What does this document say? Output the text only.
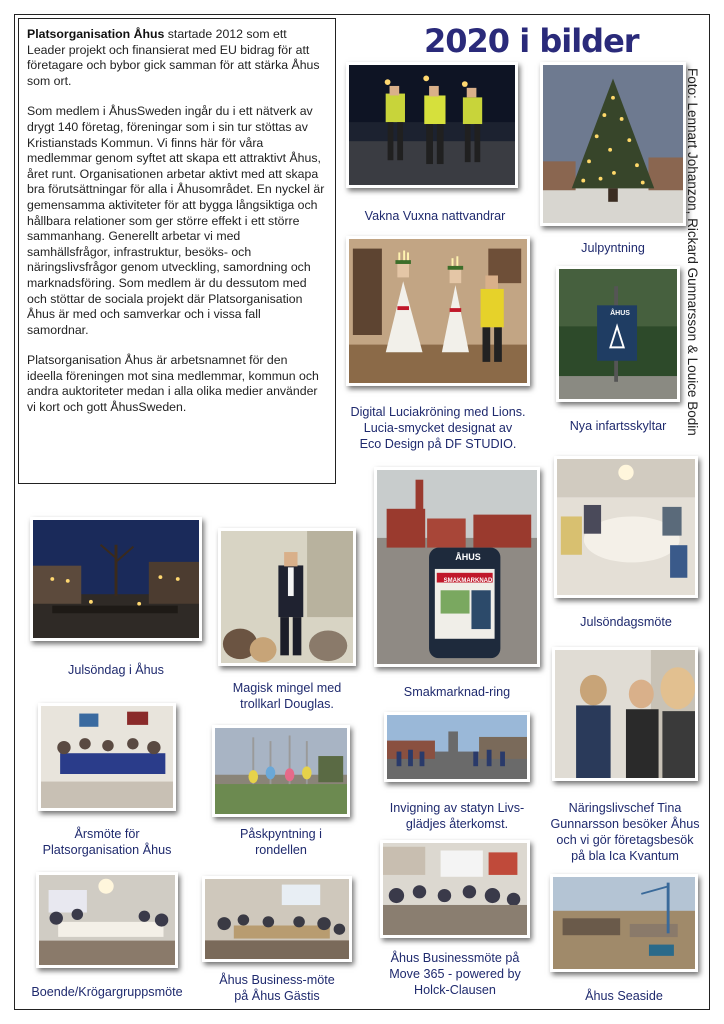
Platsorganisation Åhus startade 2012 som ett Leader projekt och finansierat med EU bidrag för att företagare och bybor gick samman för att stärka Åhus som ort.

Som medlem i ÅhusSweden ingår du i ett nätverk av drygt 140 företag, föreningar som i sin tur stöttas av Kristianstads Kommun. Vi finns här för våra medlemmar genom syftet att skapa ett attraktivt Åhus, året runt. Organisationen arbetar aktivt med att skapa bra förutsättningar för alla i Åhusområdet. En nyckel är gemensamma aktiviteter för att bygga långsiktiga och hållbara relationer som ger större effekt i ett större sammanhang. Generellt arbetar vi med samhällsfrågor, infrastruktur, besöks- och näringslivsfrågor genom utveckling, samordning och marknadsföring. Som medlem är du dessutom med och stöttar de sociala projekt där Platsorganisation Åhus är med och samverkar och i vissa fall samordnar.

Platsorganisation Åhus är arbetsnamnet för den ideella föreningen mot sina medlemmar, kommun och andra auktoriteter medan i alla olika medier använder vi kort och gott ÅhusSweden.

2020 i bilder
Foto: Lennart Johanzon, Rickard Gunnarsson & Louice Bodin
Vakna Vuxna nattvandrar
Julpyntning
Digital Luciakröning med Lions.
Lucia-smycket designat av
Eco Design på DF STUDIO.
ÅHUS
Nya infartsskyltar
Julsöndag i Åhus
Magisk mingel med
trollkarl Douglas.
ÅHUS
SMAKMARKNAD
Smakmarknad-ring
Julsöndagsmöte
Årsmöte för
Platsorganisation Åhus
Påskpyntning i
rondellen
Invigning av statyn Livs-
glädjes återkomst.
Näringslivschef Tina
Gunnarsson besöker Åhus
och vi gör företagsbesök
på bla Ica Kvantum
Boende/Krögargruppsmöte
Åhus Business-möte
på Åhus Gästis
Åhus Businessmöte på
Move 365 - powered by
Holck-Clausen	Åhus Seaside
